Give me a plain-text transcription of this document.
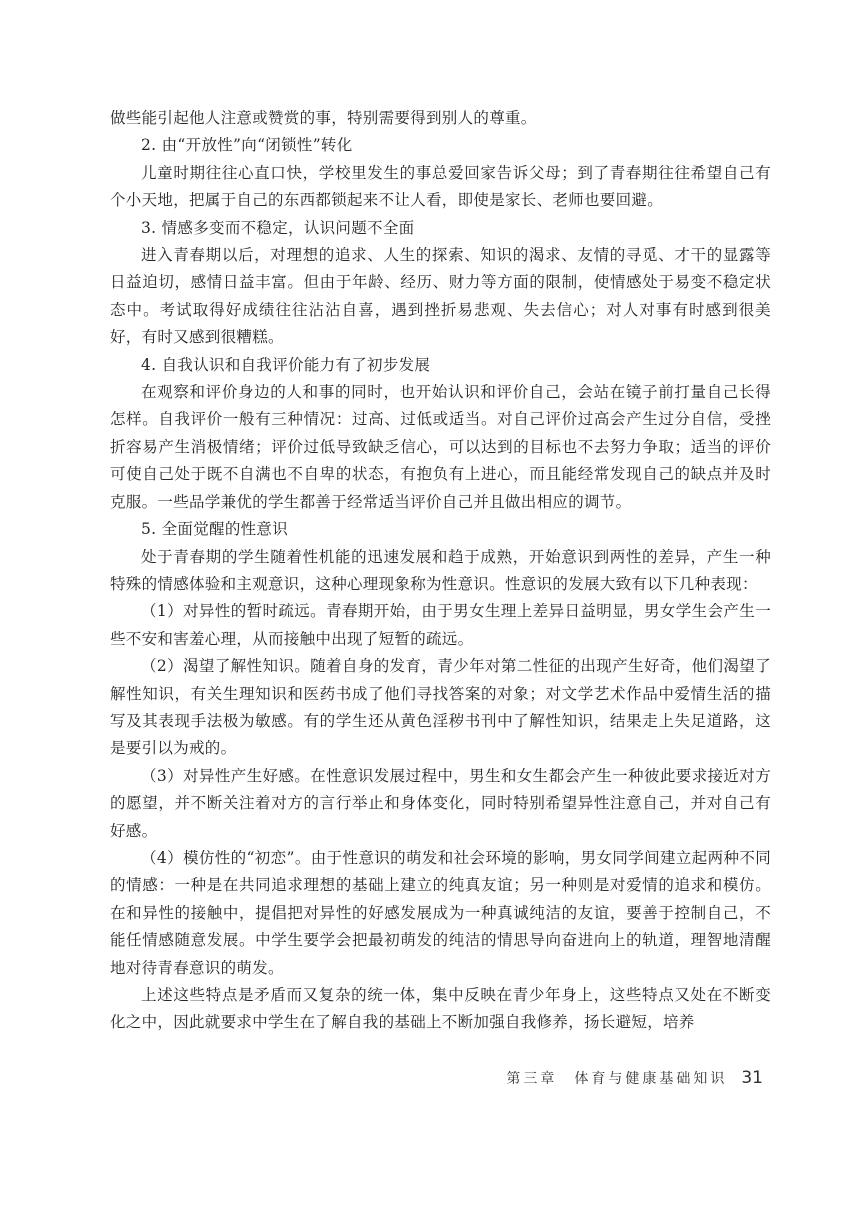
做些能引起他人注意或赞赏的事，特别需要得到别人的尊重。

2. 由“开放性”向“闭锁性”转化

儿童时期往往心直口快，学校里发生的事总爱回家告诉父母；到了青春期往往希望自己有个小天地，把属于自己的东西都锁起来不让人看，即使是家长、老师也要回避。

3. 情感多变而不稳定，认识问题不全面

进入青春期以后，对理想的追求、人生的探索、知识的渴求、友情的寻觅、才干的显露等日益迫切，感情日益丰富。但由于年龄、经历、财力等方面的限制，使情感处于易变不稳定状态中。考试取得好成绩往往沾沾自喜，遇到挫折易悲观、失去信心；对人对事有时感到很美好，有时又感到很糟糕。

4. 自我认识和自我评价能力有了初步发展

在观察和评价身边的人和事的同时，也开始认识和评价自己，会站在镜子前打量自己长得怎样。自我评价一般有三种情况：过高、过低或适当。对自己评价过高会产生过分自信，受挫折容易产生消极情绪；评价过低导致缺乏信心，可以达到的目标也不去努力争取；适当的评价可使自己处于既不自满也不自卑的状态，有抱负有上进心，而且能经常发现自己的缺点并及时克服。一些品学兼优的学生都善于经常适当评价自己并且做出相应的调节。

5. 全面觉醒的性意识

处于青春期的学生随着性机能的迅速发展和趋于成熟，开始意识到两性的差异，产生一种特殊的情感体验和主观意识，这种心理现象称为性意识。性意识的发展大致有以下几种表现：

（1）对异性的暂时疏远。青春期开始，由于男女生理上差异日益明显，男女学生会产生一些不安和害羞心理，从而接触中出现了短暂的疏远。

（2）渴望了解性知识。随着自身的发育，青少年对第二性征的出现产生好奇，他们渴望了解性知识，有关生理知识和医药书成了他们寻找答案的对象；对文学艺术作品中爱情生活的描写及其表现手法极为敏感。有的学生还从黄色淫秽书刊中了解性知识，结果走上失足道路，这是要引以为戒的。

（3）对异性产生好感。在性意识发展过程中，男生和女生都会产生一种彼此要求接近对方的愿望，并不断关注着对方的言行举止和身体变化，同时特别希望异性注意自己，并对自己有好感。

（4）模仿性的“初恋”。由于性意识的萌发和社会环境的影响，男女同学间建立起两种不同的情感：一种是在共同追求理想的基础上建立的纯真友谊；另一种则是对爱情的追求和模仿。在和异性的接触中，提倡把对异性的好感发展成为一种真诚纯洁的友谊，要善于控制自己，不能任情感随意发展。中学生要学会把最初萌发的纯洁的情思导向奋进向上的轨道，理智地清醒地对待青春意识的萌发。

上述这些特点是矛盾而又复杂的统一体，集中反映在青少年身上，这些特点又处在不断变化之中，因此就要求中学生在了解自我的基础上不断加强自我修养，扬长避短，培养

第三章　体育与健康基础知识 31
